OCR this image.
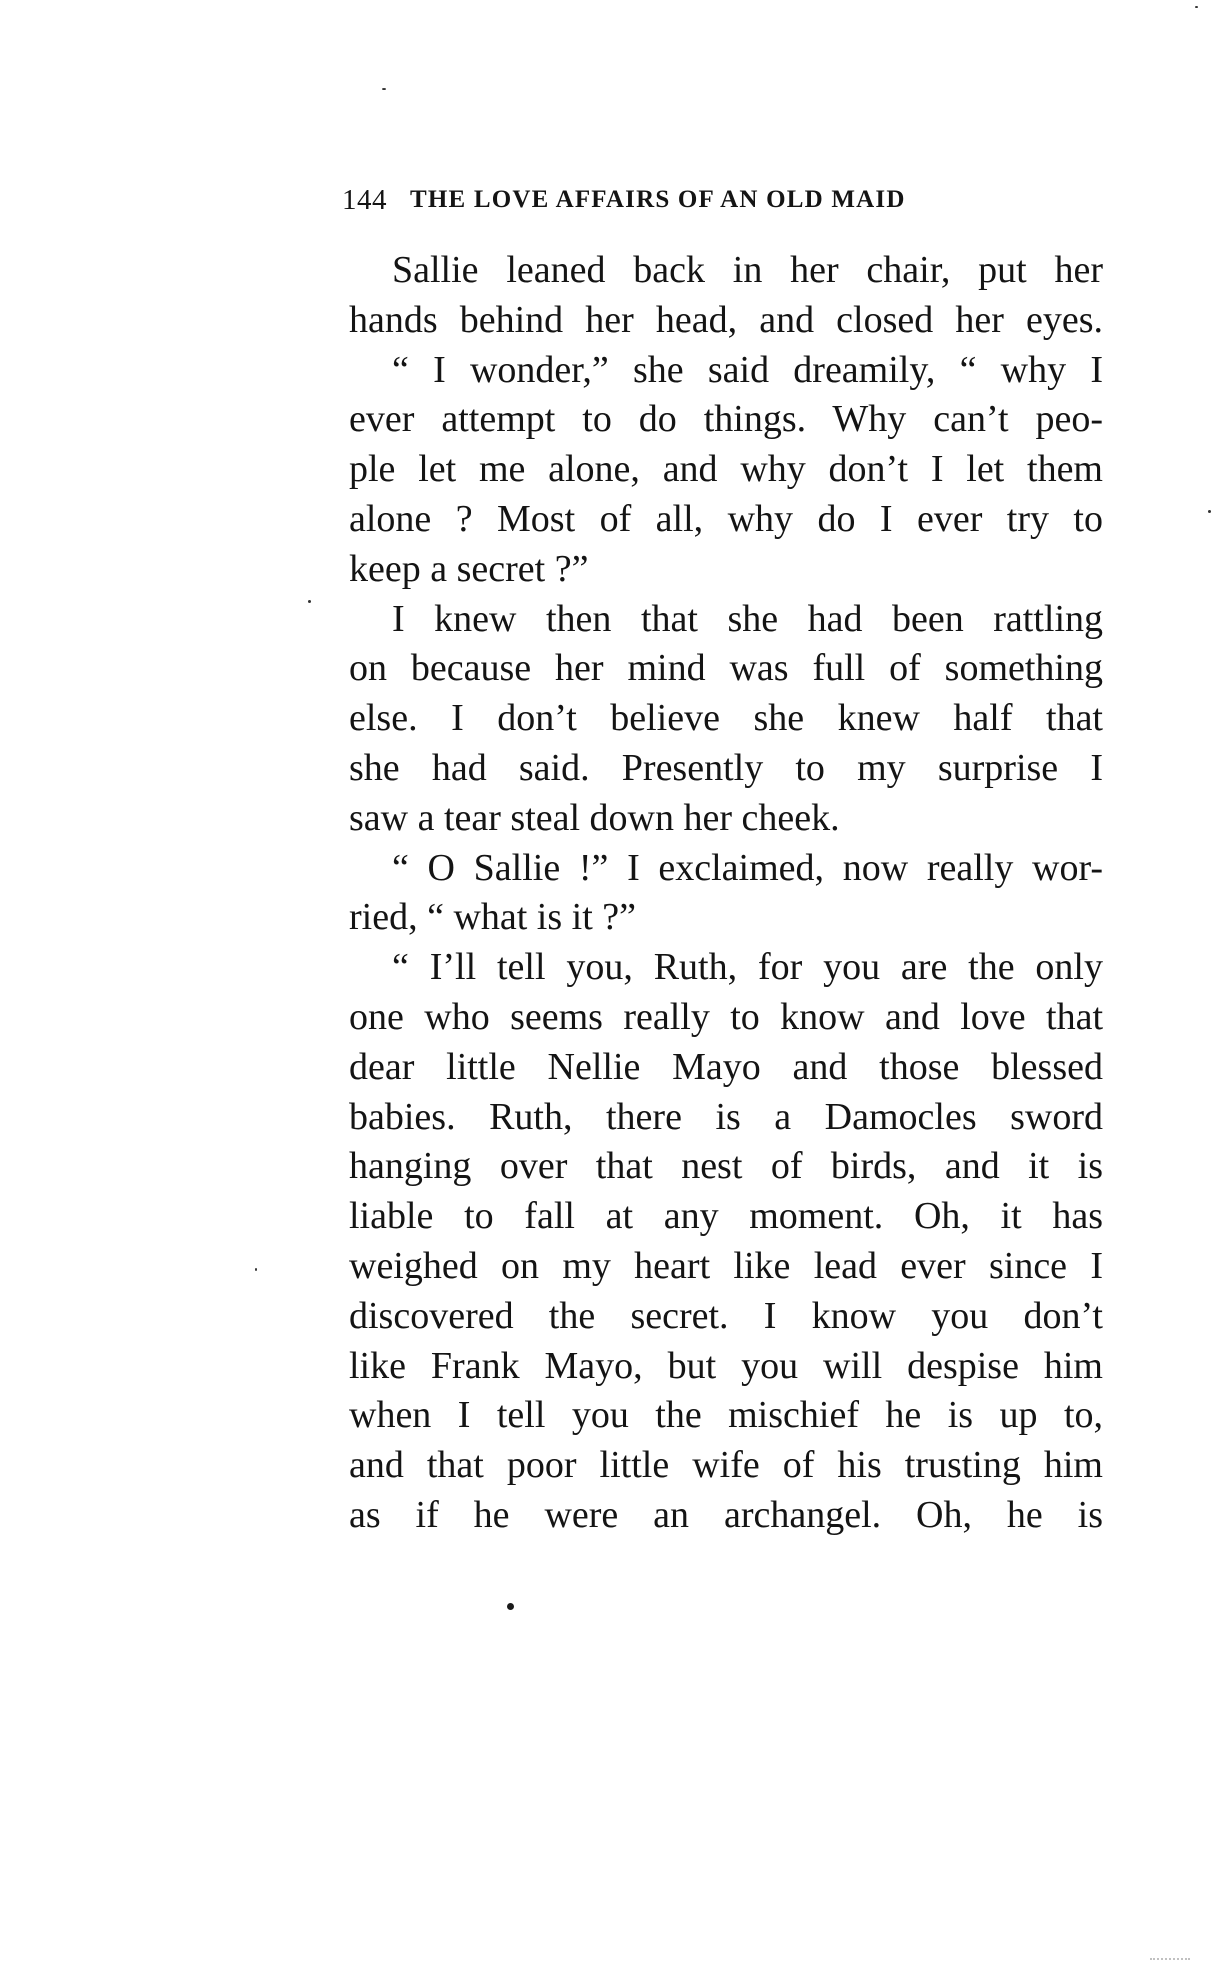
144 THE LOVE AFFAIRS OF AN OLD MAID
Sallie leaned back in her chair, put her
hands behind her head, and closed her eyes.
“ I wonder,” she said dreamily, “ why I
ever attempt to do things. Why can’t peo-
ple let me alone, and why don’t I let them
alone ? Most of all, why do I ever try to
keep a secret ?”
I knew then that she had been rattling
on because her mind was full of something
else. I don’t believe she knew half that
she had said. Presently to my surprise I
saw a tear steal down her cheek.
“ O Sallie !” I exclaimed, now really wor-
ried, “ what is it ?”
“ I’ll tell you, Ruth, for you are the only
one who seems really to know and love that
dear little Nellie Mayo and those blessed
babies. Ruth, there is a Damocles sword
hanging over that nest of birds, and it is
liable to fall at any moment. Oh, it has
weighed on my heart like lead ever since I
discovered the secret. I know you don’t
like Frank Mayo, but you will despise him
when I tell you the mischief he is up to,
and that poor little wife of his trusting him
as if he were an archangel. Oh, he is
